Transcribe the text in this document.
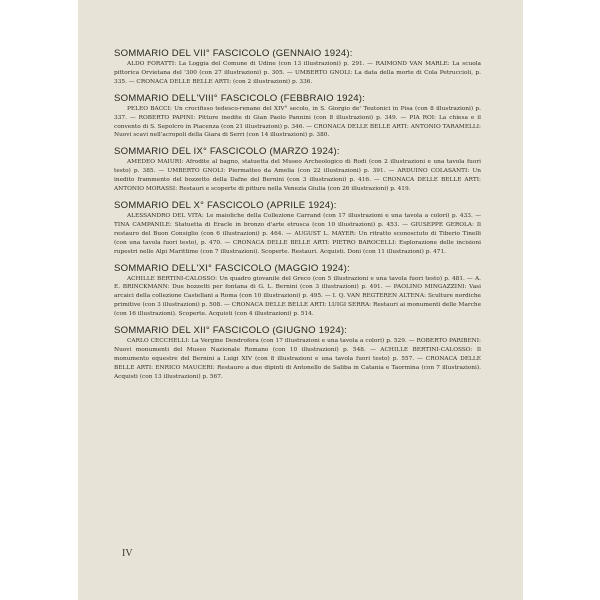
SOMMARIO DEL VII° FASCICOLO (GENNAIO 1924):
ALDO FORATTI: La Loggia del Comune di Udine (con 13 illustrazioni) p. 291. — RAIMOND VAN MARLE: La scuola pittorica Orvietana del '300 (con 27 illustrazioni) p. 305. — UMBERTO GNOLI: La data della morte di Cola Petruccioli, p. 335. — CRONACA DELLE BELLE ARTI: (con 2 illustrazioni) p. 336.
SOMMARIO DELL'VIII° FASCICOLO (FEBBRAIO 1924):
PELEO BACCI: Un crocifisso tedesco-renano del XIV° secolo, in S. Giorgio de' Teutonici in Pisa (con 8 illustrazioni) p. 337. — ROBERTO PAPINI: Pitture inedite di Gian Paolo Pannini (con 8 illustrazioni) p. 349. — PIA ROI: La chiesa e il convento di S. Sepolcro in Piacenza (con 21 illustrazioni) p. 346. — CRONACA DELLE BELLE ARTI: ANTONIO TARAMELLI: Nuovi scavi nell'acropoli della Giara di Serri (con 14 illustrazioni) p. 380.
SOMMARIO DEL IX° FASCICOLO (MARZO 1924):
AMEDEO MAIURI: Afrodite al bagno, statuetta del Museo Archeologico di Rodi (con 2 illustrazioni e una tavola fuori testo) p. 385. — UMBERTO GNOLI: Piermatteo da Amelia (con 22 illustrazioni) p. 391. — ARDUINO COLASANTI: Un inedito frammento del bozzetto della Dafne del Bernini (con 3 illustrazioni) p. 416. — CRONACA DELLE BELLE ARTI: ANTONIO MORASSI: Restauri e scoperte di pitture nella Venezia Giulia (con 26 illustrazioni) p. 419.
SOMMARIO DEL X° FASCICOLO (APRILE 1924):
ALESSANDRO DEL VITA: Le maioliche della Collezione Carrand (con 17 illustrazioni e una tavola a colori) p. 433. — TINA CAMPANILE: Statuetta di Eracle in bronzo d'arte etrusca (con 10 illustrazioni) p. 453. — GIUSEPPE GEROLA: Il restauro del Buon Consiglio (con 6 illustrazioni) p. 464. — AUGUST L. MAYER: Un ritratto sconosciuto di Tiberio Tinelli (con una tavola fuori testo), p. 470. — CRONACA DELLE BELLE ARTI: PIETRO BAROCELLI: Esplorazione delle incisioni rupestri nelle Alpi Marittime (con 7 illustrazioni). Scoperte. Restauri. Acquisti. Doni (con 11 illustrazioni) p. 471.
SOMMARIO DELL'XI° FASCICOLO (MAGGIO 1924):
ACHILLE BERTINI-CALOSSO: Un quadro giovanile del Greco (con 5 illustrazioni e una tavola fuori testo) p. 481. — A. E. BRINCKMANN: Due bozzetti per fontana di G. L. Bernini (con 3 illustrazioni) p. 491. — PAOLINO MINGAZZINI: Vasi arcaici della collezione Castellani a Roma (con 10 illustrazioni) p. 495. — I. Q. VAN REGTEREN ALTENA: Sculture nordiche primitive (con 3 illustrazioni) p. 508. — CRONACA DELLE BELLE ARTI: LUIGI SERRA: Restauri ai monumenti delle Marche (con 16 illustrazioni). Scoperte. Acquisti (con 4 illustrazioni) p. 514.
SOMMARIO DEL XII° FASCICOLO (GIUGNO 1924):
CARLO CECCHELLI: La Vergine Dendrofora (con 17 illustrazioni e una tavola a colori) p. 529. — ROBERTO PARIBENI: Nuovi monumenti del Museo Nazionale Romano (con 10 illustrazioni) p. 548. — ACHILLE BERTINI-CALOSSO: Il monumento equestre del Bernini a Luigi XIV (con 8 illustrazioni e una tavola fuori testo) p. 557. — CRONACA DELLE BELLE ARTI: ENRICO MAUCERI: Restauro a due dipinti di Antonello de Saliba in Catania e Taormina (con 7 illustrazioni). Acquisti (con 13 illustrazioni) p. 567.
IV
